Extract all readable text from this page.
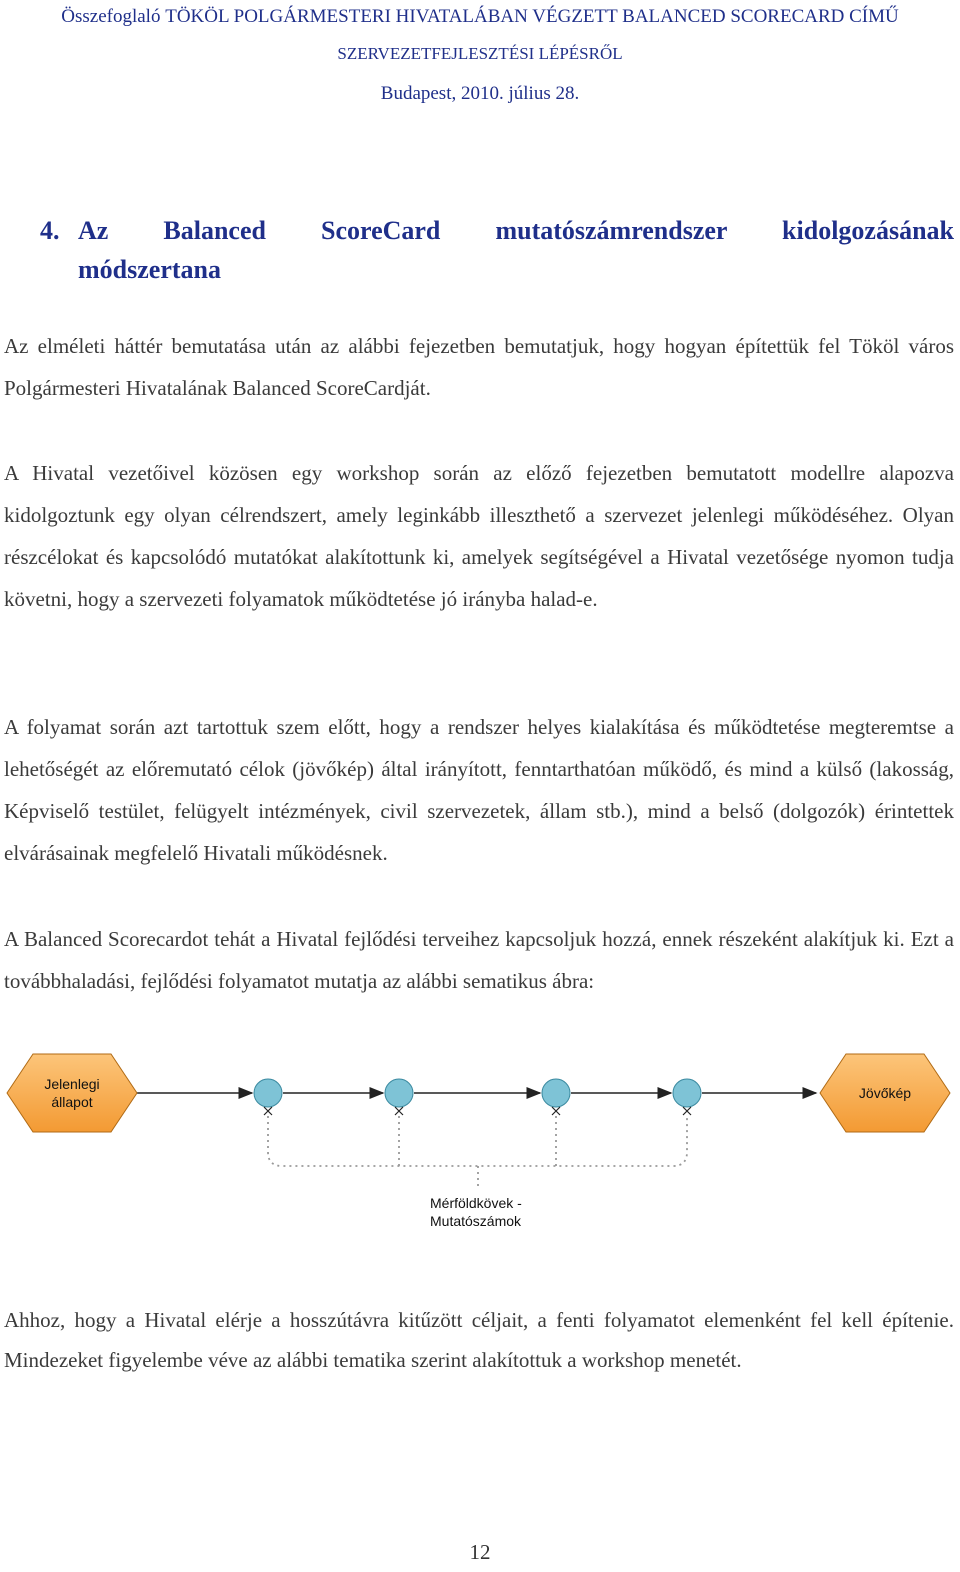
Összefoglaló TÖKÖL POLGÁRMESTERI HIVATALÁBAN VÉGZETT BALANCED SCORECARD CÍMŰ
SZERVEZETFEJLESZTÉSI LÉPÉSRŐL
Budapest, 2010. július 28.
4. Az Balanced ScoreCard mutatószámrendszer kidolgozásának
módszertana
Az elméleti háttér bemutatása után az alábbi fejezetben bemutatjuk, hogy hogyan építettük fel Tököl város Polgármesteri Hivatalának Balanced ScoreCardját.
A Hivatal vezetőivel közösen egy workshop során az előző fejezetben bemutatott modellre alapozva kidolgoztunk egy olyan célrendszert, amely leginkább illeszthető a szervezet jelenlegi működéséhez. Olyan részcélokat és kapcsolódó mutatókat alakítottunk ki, amelyek segítségével a Hivatal vezetősége nyomon tudja követni, hogy a szervezeti folyamatok működtetése jó irányba halad-e.
A folyamat során azt tartottuk szem előtt, hogy a rendszer helyes kialakítása és működtetése megteremtse a lehetőségét az előremutató célok (jövőkép) által irányított, fenntarthatóan működő, és mind a külső (lakosság, Képviselő testület, felügyelt intézmények, civil szervezetek, állam stb.), mind a belső (dolgozók) érintettek elvárásainak megfelelő Hivatali működésnek.
A Balanced Scorecardot tehát a Hivatal fejlődési terveihez kapcsoljuk hozzá, ennek részeként alakítjuk ki. Ezt a továbbhaladási, fejlődési folyamatot mutatja az alábbi sematikus ábra:
Jelenlegi
állapot
Jövőkép
Mérföldkövek -
Mutatószámok
Ahhoz, hogy a Hivatal elérje a hosszútávra kitűzött céljait, a fenti folyamatot elemenként fel kell építenie. Mindezeket figyelembe véve az alábbi tematika szerint alakítottuk a workshop menetét.
12
